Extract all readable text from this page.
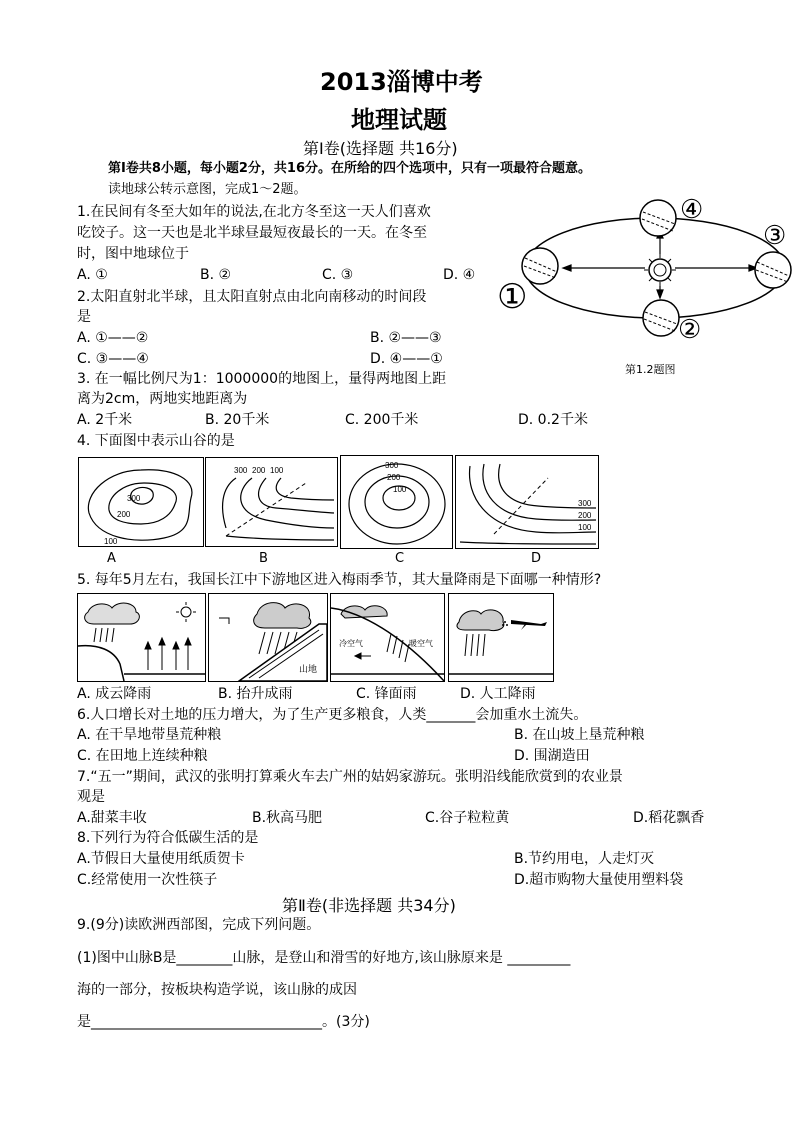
2013淄博中考
地理试题
第Ⅰ卷(选择题 共16分)
第Ⅰ卷共8小题，每小题2分，共16分。在所给的四个选项中，只有一项最符合题意。
读地球公转示意图，完成1～2题。
1.在民间有冬至大如年的说法,在北方冬至这一天人们喜欢
吃饺子。这一天也是北半球昼最短夜最长的一天。在冬至
时，图中地球位于
A. ①	B. ②	C. ③	D. ④
2.太阳直射北半球，且太阳直射点由北向南移动的时间段
是
A. ①——②	B. ②——③
C. ③——④	D. ④——①
①
②
③
④
第1.2题图
3. 在一幅比例尺为1：1000000的地图上，量得两地图上距
离为2cm，两地实地距离为
A. 2千米	B. 20千米	C. 200千米	D. 0.2千米
4. 下面图中表示山谷的是
300
200
100
300 200 100
300
200
100
300
200
100
A	B	C	D
5. 每年5月左右，我国长江中下游地区进入梅雨季节，其大量降雨是下面哪一种情形?
山地
冷空气	暖空气
A. 成云降雨	B. 抬升成雨	C. 锋面雨	D. 人工降雨
6.人口增长对土地的压力增大，为了生产更多粮食，人类_______会加重水土流失。
A. 在干旱地带垦荒种粮	B. 在山坡上垦荒种粮
C. 在田地上连续种粮	D. 围湖造田
7.“五一”期间，武汉的张明打算乘火车去广州的姑妈家游玩。张明沿线能欣赏到的农业景
观是
A.甜菜丰收	B.秋高马肥	C.谷子粒粒黄	D.稻花飘香
8.下列行为符合低碳生活的是
A.节假日大量使用纸质贺卡	B.节约用电，人走灯灭
C.经常使用一次性筷子	D.超市购物大量使用塑料袋
第Ⅱ卷(非选择题 共34分)
9.(9分)读欧洲西部图，完成下列问题。
(1)图中山脉B是________山脉，是登山和滑雪的好地方,该山脉原来是 _________
海的一部分，按板块构造学说，该山脉的成因
是_________________________________。(3分)
